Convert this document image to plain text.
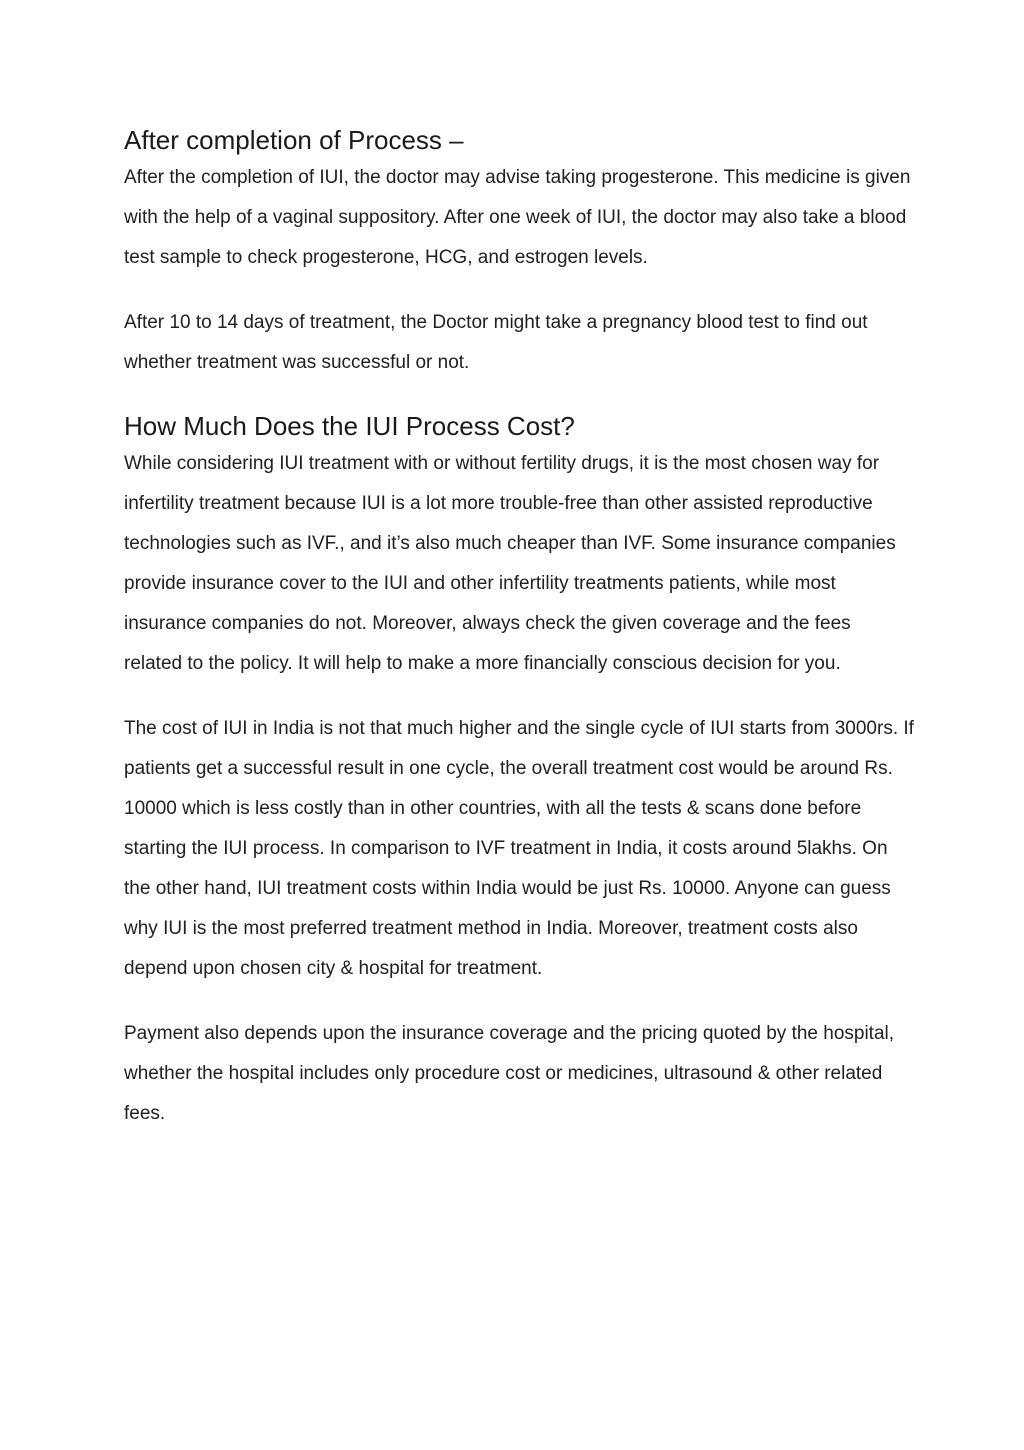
After completion of Process –

After the completion of IUI, the doctor may advise taking progesterone. This medicine is given with the help of a vaginal suppository. After one week of IUI, the doctor may also take a blood test sample to check progesterone, HCG, and estrogen levels.

After 10 to 14 days of treatment, the Doctor might take a pregnancy blood test to find out whether treatment was successful or not.

How Much Does the IUI Process Cost?

While considering IUI treatment with or without fertility drugs, it is the most chosen way for infertility treatment because IUI is a lot more trouble-free than other assisted reproductive technologies such as IVF., and it’s also much cheaper than IVF. Some insurance companies provide insurance cover to the IUI and other infertility treatments patients, while most insurance companies do not. Moreover, always check the given coverage and the fees related to the policy. It will help to make a more financially conscious decision for you.

The cost of IUI in India is not that much higher and the single cycle of IUI starts from 3000rs. If patients get a successful result in one cycle, the overall treatment cost would be around Rs. 10000 which is less costly than in other countries, with all the tests & scans done before starting the IUI process. In comparison to IVF treatment in India, it costs around 5lakhs. On the other hand, IUI treatment costs within India would be just Rs. 10000. Anyone can guess why IUI is the most preferred treatment method in India. Moreover, treatment costs also depend upon chosen city & hospital for treatment.

Payment also depends upon the insurance coverage and the pricing quoted by the hospital, whether the hospital includes only procedure cost or medicines, ultrasound & other related fees.
